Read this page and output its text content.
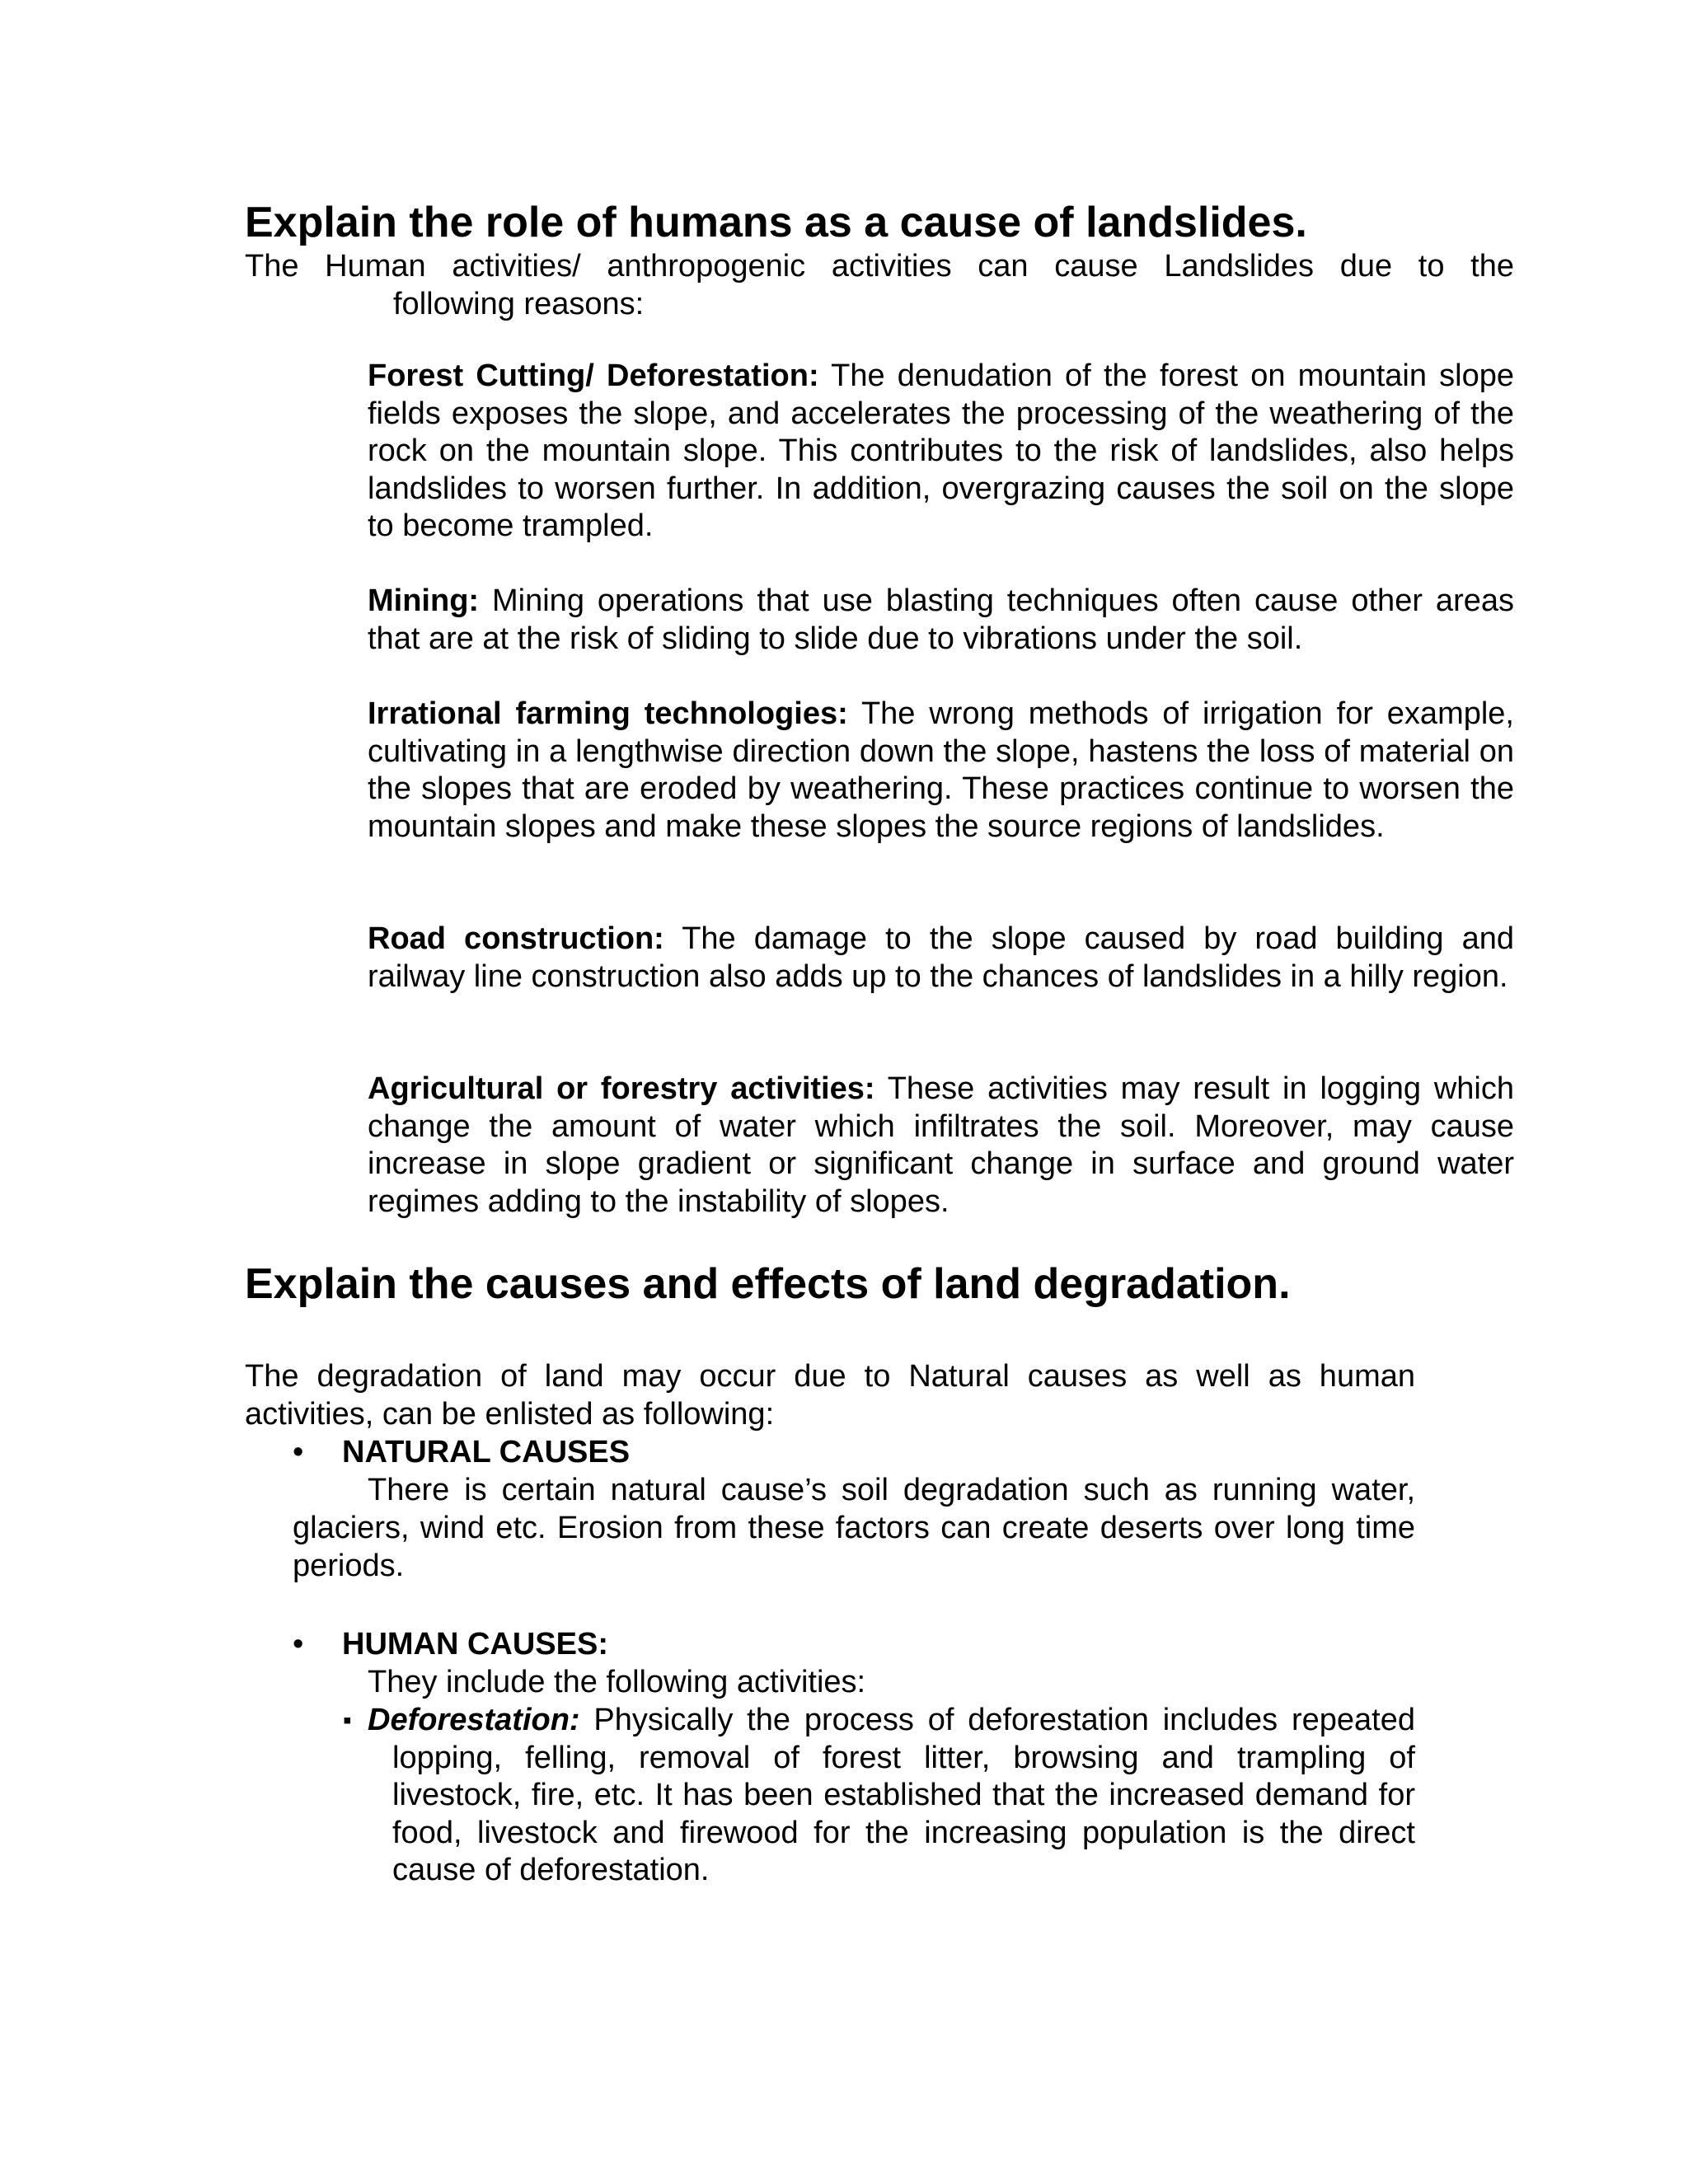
Explain the role of humans as a cause of landslides.

The Human activities/ anthropogenic activities can cause Landslides due to the
following reasons:

Forest Cutting/ Deforestation: The denudation of the forest on mountain slope fields exposes the slope, and accelerates the processing of the weathering of the rock on the mountain slope. This contributes to the risk of landslides, also helps landslides to worsen further. In addition, overgrazing causes the soil on the slope to become trampled.

Mining: Mining operations that use blasting techniques often cause other areas that are at the risk of sliding to slide due to vibrations under the soil.

Irrational farming technologies: The wrong methods of irrigation for example, cultivating in a lengthwise direction down the slope, hastens the loss of material on the slopes that are eroded by weathering. These practices continue to worsen the mountain slopes and make these slopes the source regions of landslides.

Road construction: The damage to the slope caused by road building and railway line construction also adds up to the chances of landslides in a hilly region.

Agricultural or forestry activities: These activities may result in logging which change the amount of water which infiltrates the soil. Moreover, may cause increase in slope gradient or significant change in surface and ground water regimes adding to the instability of slopes.

Explain the causes and effects of land degradation.

The degradation of land may occur due to Natural causes as well as human activities, can be enlisted as following:

• NATURAL CAUSES

There is certain natural cause’s soil degradation such as running water, glaciers, wind etc. Erosion from these factors can create deserts over long time periods.

• HUMAN CAUSES:
They include the following activities:

▪ Deforestation: Physically the process of deforestation includes repeated lopping, felling, removal of forest litter, browsing and trampling of livestock, fire, etc. It has been established that the increased demand for food, livestock and firewood for the increasing population is the direct cause of deforestation.
